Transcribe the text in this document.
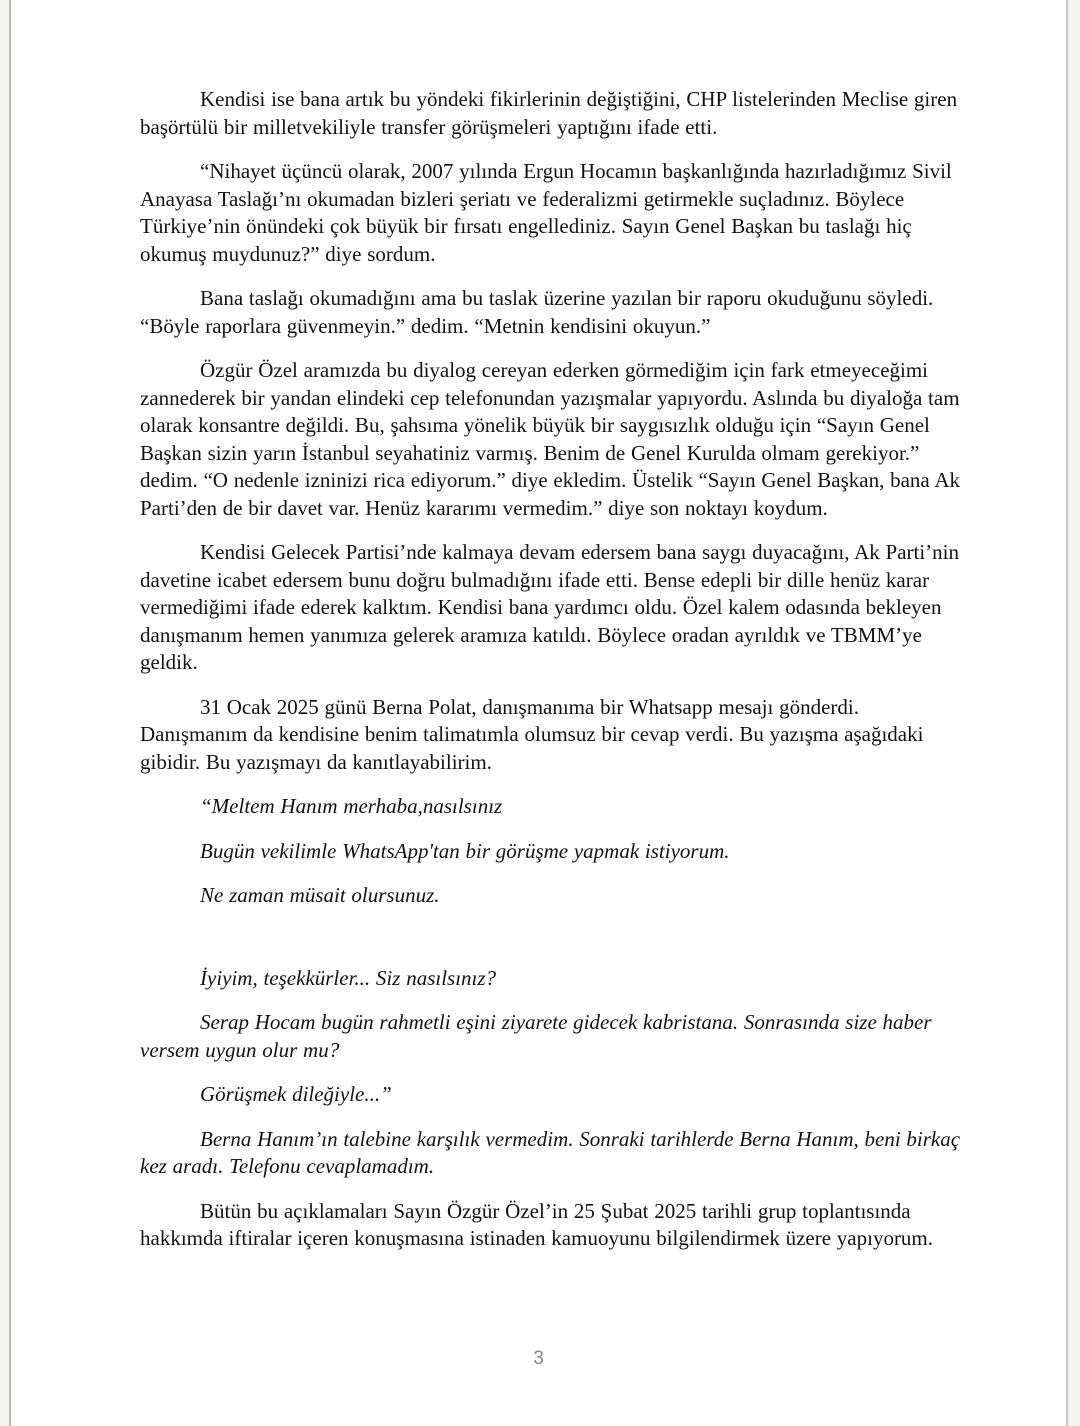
Kendisi ise bana artık bu yöndeki fikirlerinin değiştiğini, CHP listelerinden Meclise giren başörtülü bir milletvekiliyle transfer görüşmeleri yaptığını ifade etti.

“Nihayet üçüncü olarak, 2007 yılında Ergun Hocamın başkanlığında hazırladığımız Sivil Anayasa Taslağı’nı okumadan bizleri şeriatı ve federalizmi getirmekle suçladınız. Böylece Türkiye’nin önündeki çok büyük bir fırsatı engellediniz. Sayın Genel Başkan bu taslağı hiç okumuş muydunuz?” diye sordum.

Bana taslağı okumadığını ama bu taslak üzerine yazılan bir raporu okuduğunu söyledi. “Böyle raporlara güvenmeyin.” dedim. “Metnin kendisini okuyun.”

Özgür Özel aramızda bu diyalog cereyan ederken görmediğim için fark etmeyeceğimi zannederek bir yandan elindeki cep telefonundan yazışmalar yapıyordu. Aslında bu diyaloğa tam olarak konsantre değildi. Bu, şahsıma yönelik büyük bir saygısızlık olduğu için “Sayın Genel Başkan sizin yarın İstanbul seyahatiniz varmış. Benim de Genel Kurulda olmam gerekiyor.” dedim. “O nedenle izninizi rica ediyorum.” diye ekledim. Üstelik “Sayın Genel Başkan, bana Ak Parti’den de bir davet var. Henüz kararımı vermedim.” diye son noktayı koydum.

Kendisi Gelecek Partisi’nde kalmaya devam edersem bana saygı duyacağını, Ak Parti’nin davetine icabet edersem bunu doğru bulmadığını ifade etti. Bense edepli bir dille henüz karar vermediğimi ifade ederek kalktım. Kendisi bana yardımcı oldu. Özel kalem odasında bekleyen danışmanım hemen yanımıza gelerek aramıza katıldı. Böylece oradan ayrıldık ve TBMM’ye geldik.

31 Ocak 2025 günü Berna Polat, danışmanıma bir Whatsapp mesajı gönderdi. Danışmanım da kendisine benim talimatımla olumsuz bir cevap verdi. Bu yazışma aşağıdaki gibidir. Bu yazışmayı da kanıtlayabilirim.

“Meltem Hanım merhaba,nasılsınız

Bugün vekilimle WhatsApp'tan bir görüşme yapmak istiyorum.

Ne zaman müsait olursunuz.

İyiyim, teşekkürler... Siz nasılsınız?

Serap Hocam bugün rahmetli eşini ziyarete gidecek kabristana. Sonrasında size haber versem uygun olur mu?

Görüşmek dileğiyle...”

Berna Hanım’ın talebine karşılık vermedim. Sonraki tarihlerde Berna Hanım, beni birkaç kez aradı. Telefonu cevaplamadım.

Bütün bu açıklamaları Sayın Özgür Özel’in 25 Şubat 2025 tarihli grup toplantısında hakkımda iftiralar içeren konuşmasına istinaden kamuoyunu bilgilendirmek üzere yapıyorum.

3
